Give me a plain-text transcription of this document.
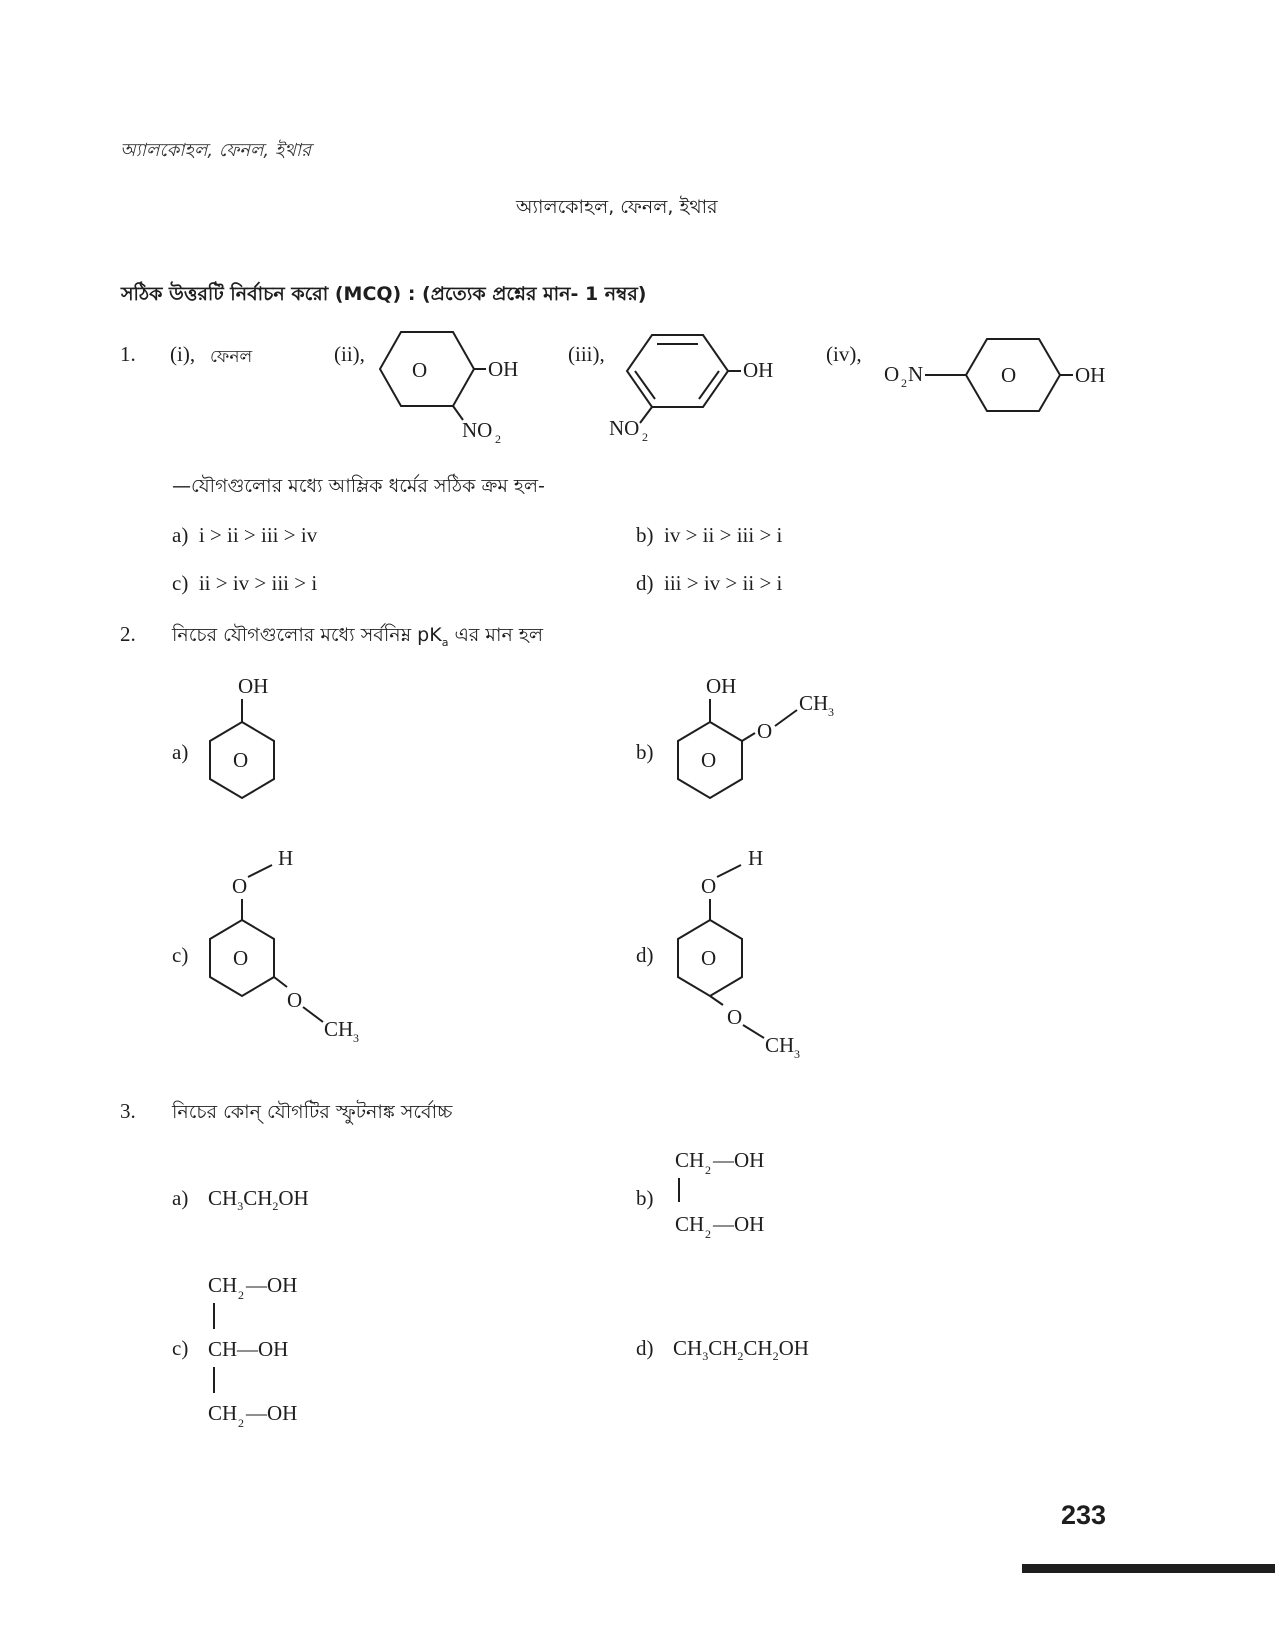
অ্যালকোহল, ফেনল, ইথার
অ্যালকোহল, ফেনল, ইথার
সঠিক উত্তরটি নির্বাচন করো (MCQ) : (প্রত্যেক প্রশ্নের মান- 1 নম্বর)
1. (i), ফেনল	(ii),	(iii),	(iv),
O	OH
NO 2
OH
NO 2
O 2 N	O	OH
—যৌগগুলোর মধ্যে আম্লিক ধর্মের সঠিক ক্রম হল-
a) i > ii > iii > iv	b) iv > ii > iii > i
c) ii > iv > iii > i	d) iii > iv > ii > i
2. নিচের যৌগগুলোর মধ্যে সর্বনিম্ন $pK_a$ এর মান হল
a)
OH
O	b)
OH
O
O
CH 3
c)
H
O
O
O
CH 3
d)
H
O
O
O
CH 3
3. নিচের কোন্ যৌগটির স্ফুটনাঙ্ক সর্বোচ্চ
a) $CH_3CH_2OH$	b)
CH 2 —OH
CH 2 —OH
c)
CH 2 —OH
CH —OH
CH 2 —OH
d) $CH_3CH_2CH_2OH$
233
